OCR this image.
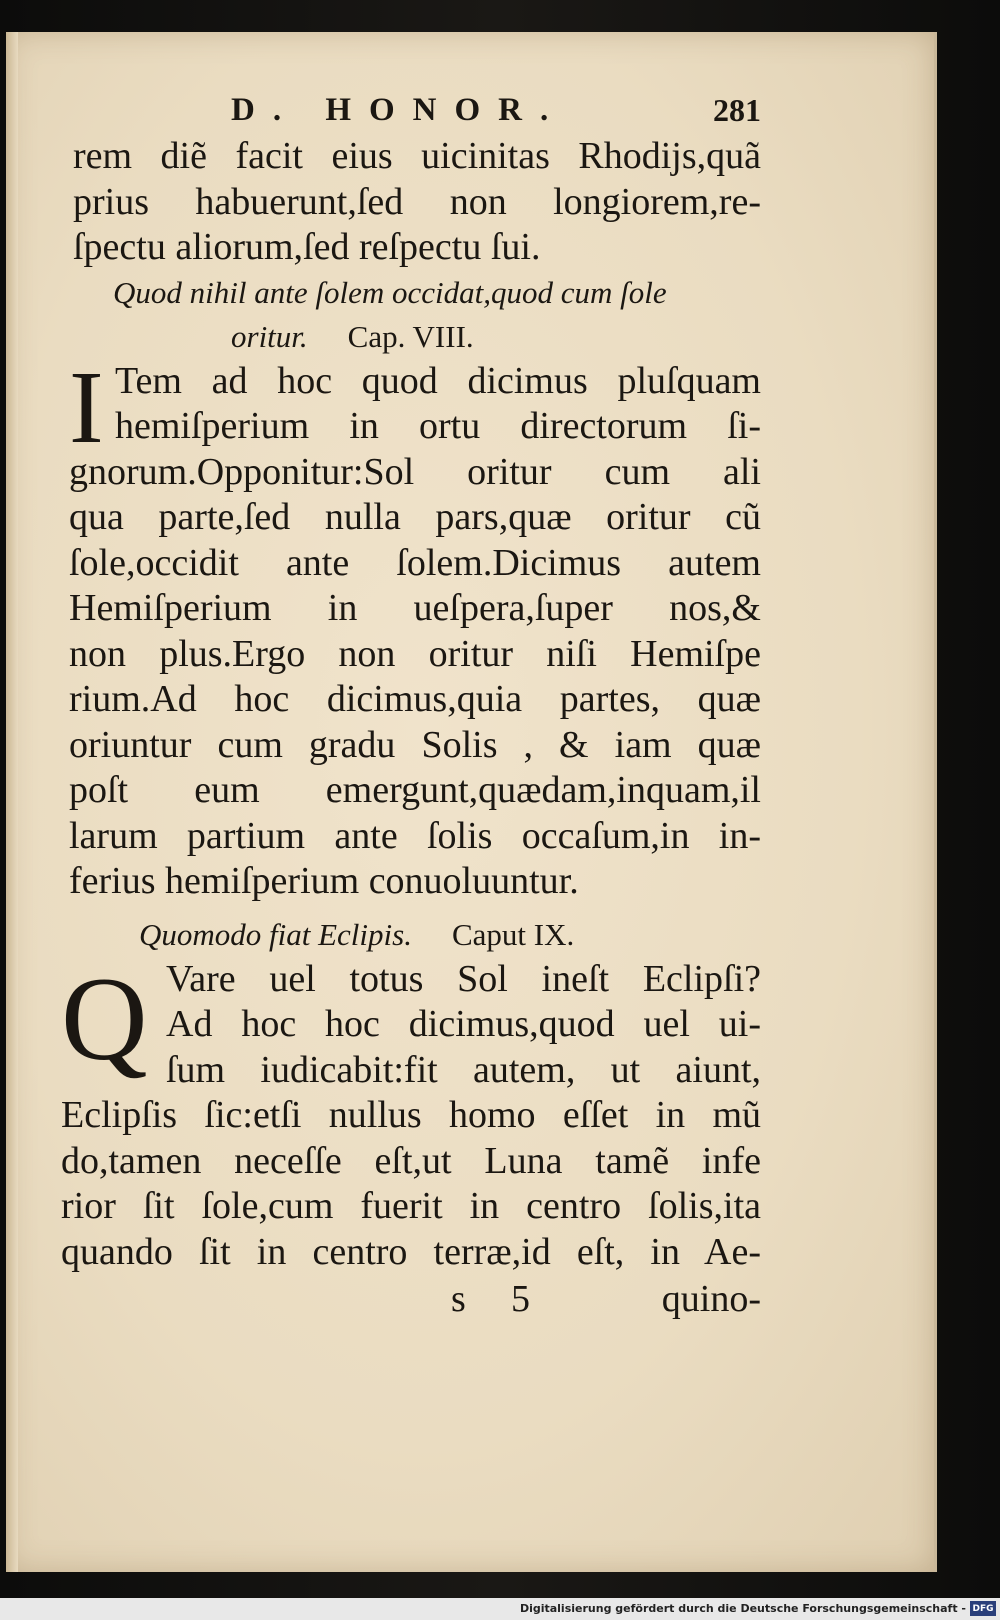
D. HONOR.	281
rem diẽ facit eius uicinitas Rhodijs,quã
prius habuerunt,ſed non longiorem,re-
ſpectu aliorum,ſed reſpectu ſui.
Quod nihil ante ſolem occidat,quod cum ſole
oritur. Cap. VIII.
I Tem ad hoc quod dicimus pluſquam
hemiſperium in ortu directorum ſi-
gnorum.Opponitur:Sol oritur cum ali
qua parte,ſed nulla pars,quæ oritur cũ
ſole,occidit ante ſolem.Dicimus autem
Hemiſperium in ueſpera,ſuper nos,&
non plus.Ergo non oritur niſi Hemiſpe
rium.Ad hoc dicimus,quia partes, quæ
oriuntur cum gradu Solis , & iam quæ
poſt eum emergunt,quædam,inquam,il
larum partium ante ſolis occaſum,in in-
ferius hemiſperium conuoluuntur.
Quomodo fiat Eclipis. Caput IX.
Q Vare uel totus Sol ineſt Eclipſi?
Ad hoc hoc dicimus,quod uel ui-
ſum iudicabit:fit autem, ut aiunt,
Eclipſis ſic:etſi nullus homo eſſet in mũ
do,tamen neceſſe eſt,ut Luna tamẽ infe
rior ſit ſole,cum fuerit in centro ſolis,ita
quando ſit in centro terræ,id eſt, in Ae-
s 5	quino-
Digitalisierung gefördert durch die Deutsche Forschungsgemeinschaft - DFG
